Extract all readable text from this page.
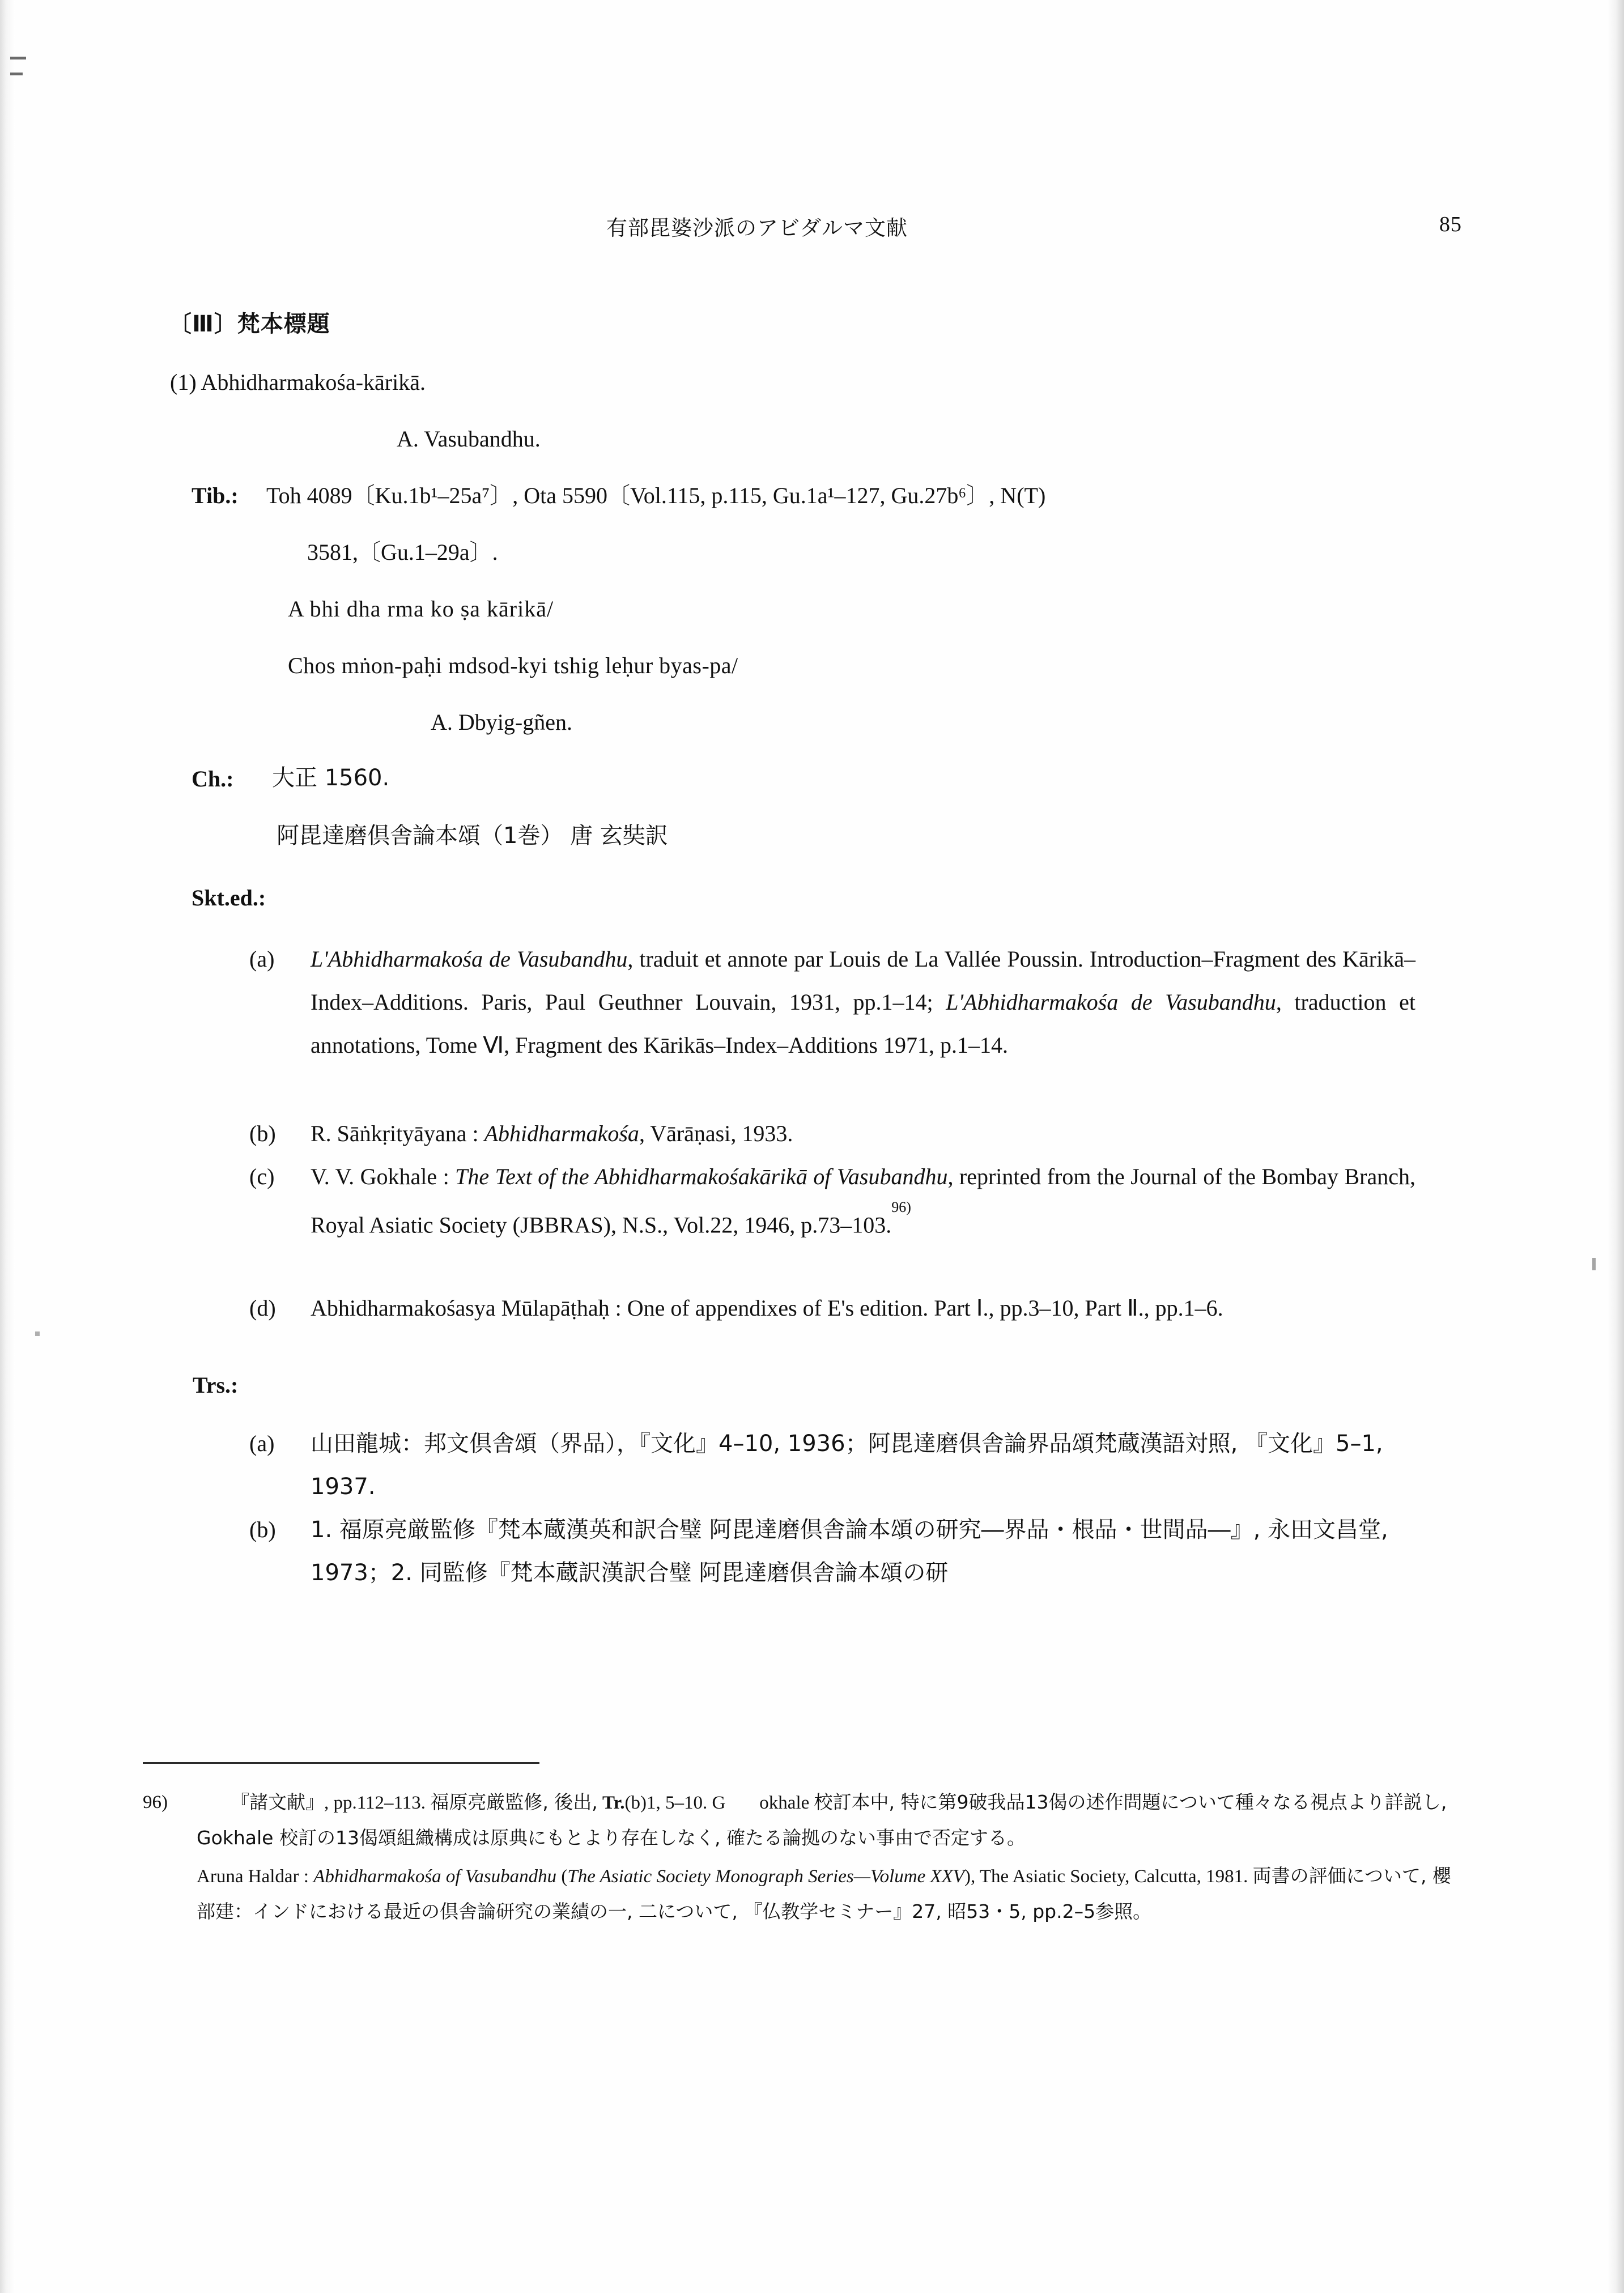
有部毘婆沙派のアビダルマ文献	85
〔Ⅲ〕梵本標題
(1) Abhidharmakośa-kārikā.
A. Vasubandhu.
Tib.: Toh 4089〔Ku.1b¹–25a⁷〕, Ota 5590〔Vol.115, p.115, Gu.1a¹–127, Gu.27b⁶〕, N(T)
3581,〔Gu.1–29a〕.
A bhi dha rma ko ṣa kārikā/
Chos mṅon-paḥi mdsod-kyi tshig leḥur byas-pa/
A. Dbyig-gñen.
Ch.: 大正 1560.
阿毘達磨倶舎論本頌（1巻） 唐 玄奘訳
Skt.ed.:
(a)	L'Abhidharmakośa de Vasubandhu, traduit et annote par Louis de La Vallée Poussin. Introduction–Fragment des Kārikā–Index–Additions. Paris, Paul Geuthner Louvain, 1931, pp.1–14; L'Abhidharmakośa de Vasubandhu, traduction et annotations, Tome Ⅵ, Fragment des Kārikās–Index–Additions 1971, p.1–14.
(b)	R. Sāṅkṛityāyana : Abhidharmakośa, Vārāṇasi, 1933.
(c)	V. V. Gokhale : The Text of the Abhidharmakośakārikā of Vasubandhu, reprinted from the Journal of the Bombay Branch, Royal Asiatic Society (JBBRAS), N.S., Vol.22, 1946, p.73–103.$^{96)}$
(d)	Abhidharmakośasya Mūlapāṭhaḥ : One of appendixes of E's edition. Part Ⅰ., pp.3–10, Part Ⅱ., pp.1–6.
Trs.:
(a)	山田龍城：邦文倶舎頌（界品），『文化』4–10, 1936；阿毘達磨倶舎論界品頌梵蔵漢語対照, 『文化』5–1, 1937.
(b)	1. 福原亮厳監修『梵本蔵漢英和訳合璧 阿毘達磨倶舎論本頌の研究―界品・根品・世間品―』, 永田文昌堂, 1973；2. 同監修『梵本蔵訳漢訳合璧 阿毘達磨倶舎論本頌の研
96)	『諸文献』, pp.112–113. 福原亮厳監修, 後出, Tr.(b)1, 5–10. G okhale 校訂本中, 特に第9破我品13偈の述作問題について種々なる視点より詳説し, Gokhale 校訂の13偈頌組織構成は原典にもとより存在しなく, 確たる論拠のない事由で否定する。
Aruna Haldar : Abhidharmakośa of Vasubandhu (The Asiatic Society Monograph Series—Volume XXV), The Asiatic Society, Calcutta, 1981. 両書の評価について, 櫻部建：インドにおける最近の倶舎論研究の業績の一, 二について, 『仏教学セミナー』27, 昭53・5, pp.2–5参照。
